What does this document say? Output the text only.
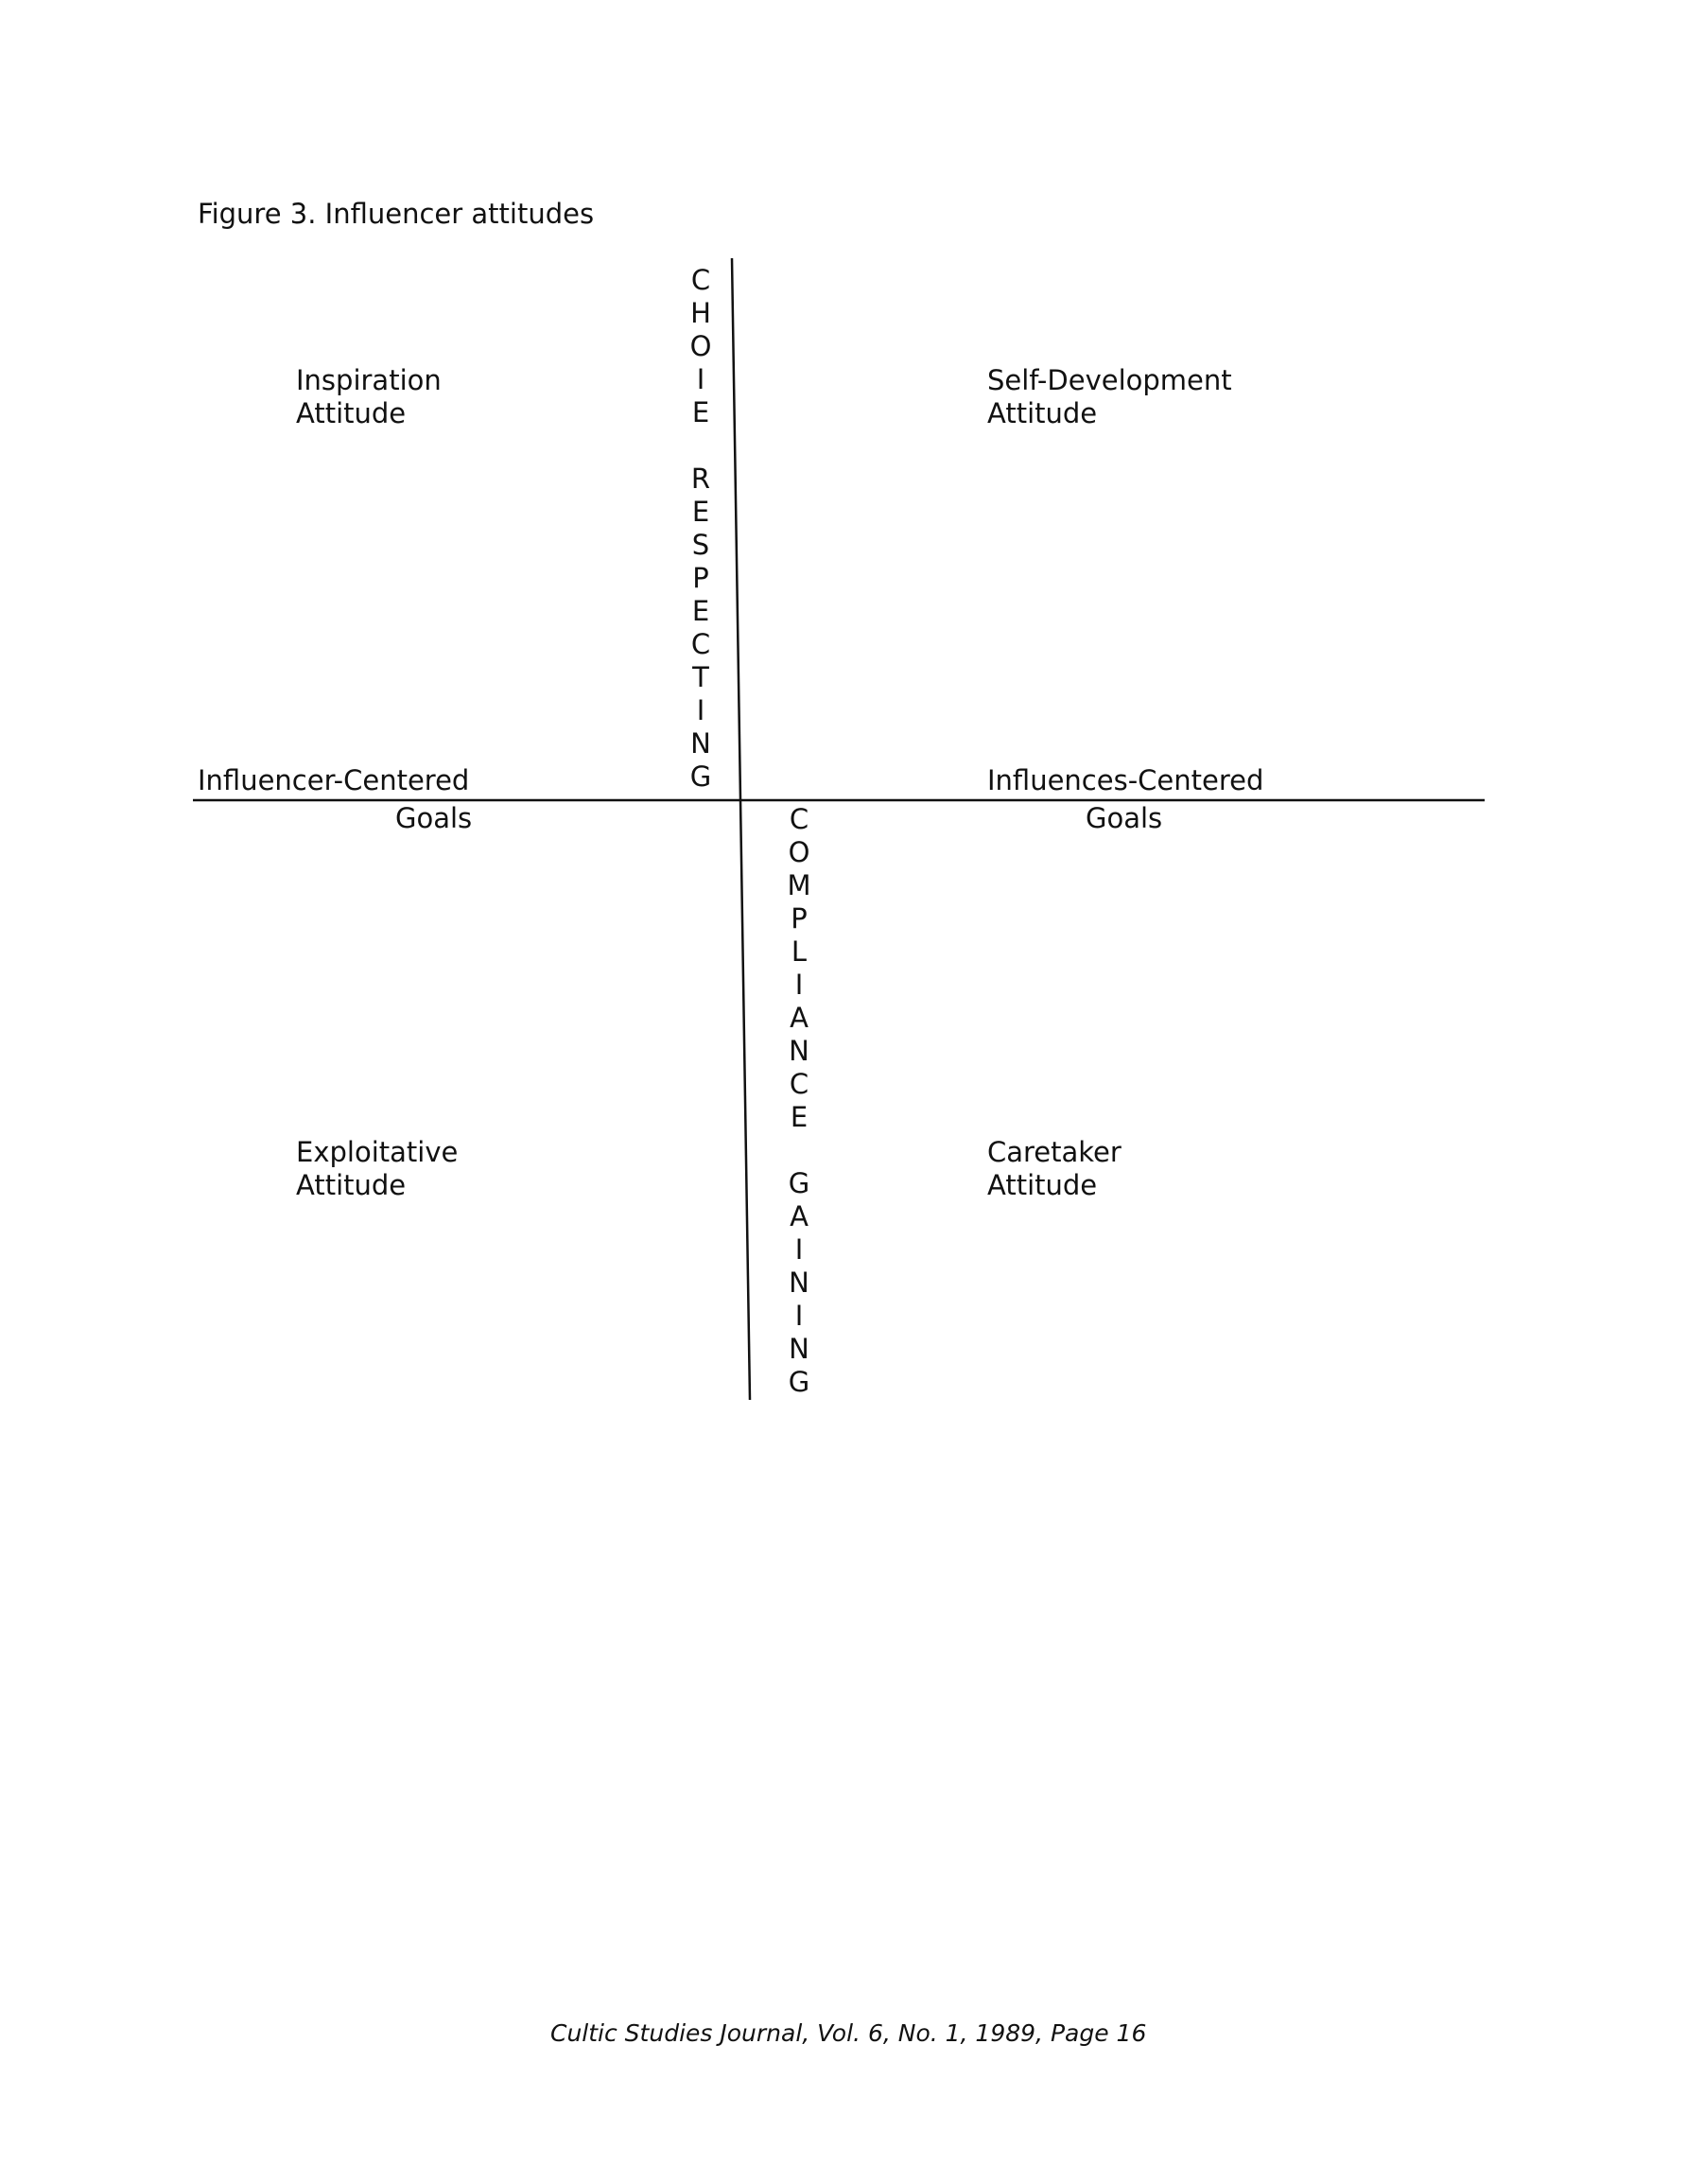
Figure 3. Influencer attitudes
Inspiration
Attitude
Self-Development
Attitude
Exploitative
Attitude
Caretaker
Attitude
Influencer-Centered
Goals
Influences-Centered
Goals
C
H
O
I
E

R
E
S
P
E
C
T
I
N
G
C
O
M
P
L
I
A
N
C
E

G
A
I
N
I
N
G
Cultic Studies Journal, Vol. 6, No. 1, 1989, Page 16
